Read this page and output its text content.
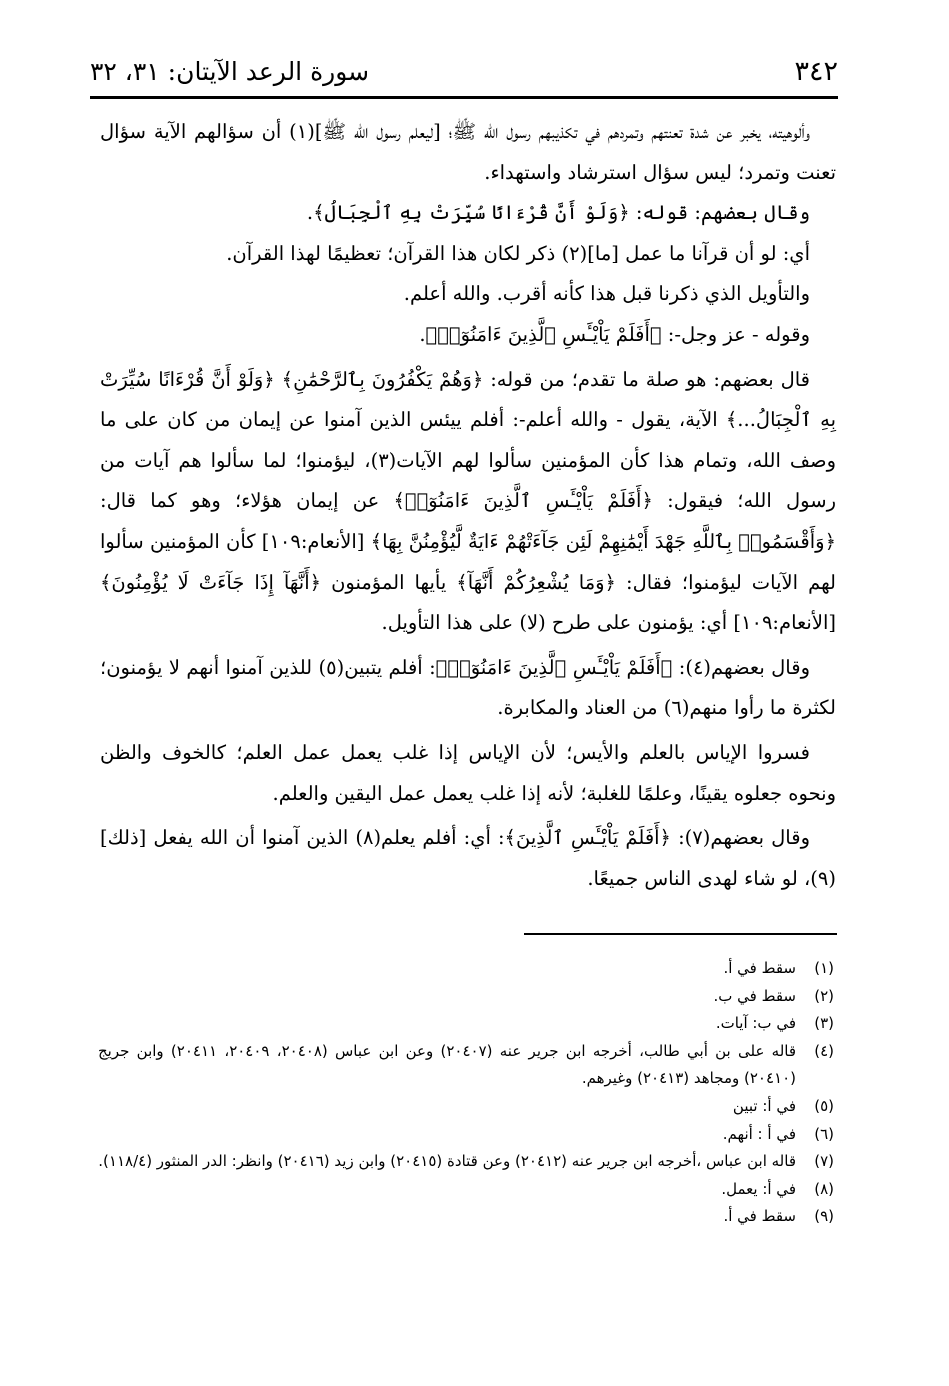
٣٤٢
سورة الرعد الآيتان: ٣١، ٣٢

وألوهيته، يخبر عن شدة تعنتهم وتمردهم في تكذيبهم رسول الله ﷺ؛ [ليعلم رسول الله ﷺ](١) أن سؤالهم الآية سؤال تعنت وتمرد؛ ليس سؤال استرشاد واستهداء.

وقال بعضهم: قوله: ﴿وَلَوْ أَنَّ قُرْءَانًا سُيِّرَتْ بِهِ ٱلْجِبَالُ﴾.

أي: لو أن قرآنا ما عمل [ما](٢) ذكر لكان هذا القرآن؛ تعظيمًا لهذا القرآن.

والتأويل الذي ذكرنا قبل هذا كأنه أقرب. والله أعلم.

وقوله - عز وجل-: ﴿أَفَلَمْ يَاْيْـَٔسِ ٱلَّذِينَ ءَامَنُوٓا۟﴾.

قال بعضهم: هو صلة ما تقدم؛ من قوله: ﴿وَهُمْ يَكْفُرُونَ بِٱلرَّحْمَٰنِ﴾ ﴿وَلَوْ أَنَّ قُرْءَانًا سُيِّرَتْ بِهِ ٱلْجِبَالُ...﴾ الآية، يقول - والله أعلم-: أفلم ييئس الذين آمنوا عن إيمان من كان على ما وصف الله، وتمام هذا كأن المؤمنين سألوا لهم الآيات(٣)، ليؤمنوا؛ لما سألوا هم آيات من رسول الله؛ فيقول: ﴿أَفَلَمْ يَاْيْـَٔسِ ٱلَّذِينَ ءَامَنُوٓا۟﴾ عن إيمان هؤلاء؛ وهو كما قال: ﴿وَأَقْسَمُوا۟ بِٱللَّهِ جَهْدَ أَيْمَٰنِهِمْ لَئِن جَآءَتْهُمْ ءَايَةٌ لَّيُؤْمِنُنَّ بِهَا﴾ [الأنعام:١٠٩] كأن المؤمنين سألوا لهم الآيات ليؤمنوا؛ فقال: ﴿وَمَا يُشْعِرُكُمْ أَنَّهَآ﴾ يأيها المؤمنون ﴿أَنَّهَآ إِذَا جَآءَتْ لَا يُؤْمِنُونَ﴾ [الأنعام:١٠٩] أي: يؤمنون على طرح (لا) على هذا التأويل.

وقال بعضهم(٤): ﴿أَفَلَمْ يَاْيْـَٔسِ ٱلَّذِينَ ءَامَنُوٓا۟﴾: أفلم يتبين(٥) للذين آمنوا أنهم لا يؤمنون؛ لكثرة ما رأوا منهم(٦) من العناد والمكابرة.

فسروا الإياس بالعلم والأيس؛ لأن الإياس إذا غلب يعمل عمل العلم؛ كالخوف والظن ونحوه جعلوه يقينًا، وعلمًا للغلبة؛ لأنه إذا غلب يعمل عمل اليقين والعلم.

وقال بعضهم(٧): ﴿أَفَلَمْ يَاْيْـَٔسِ ٱلَّذِينَ﴾: أي: أفلم يعلم(٨) الذين آمنوا أن الله يفعل [ذلك](٩)، لو شاء لهدى الناس جميعًا.

(١)
سقط في أ.
(٢)
سقط في ب.
(٣)
في ب: آيات.
(٤)
قاله على بن أبي طالب، أخرجه ابن جرير عنه (٢٠٤٠٧) وعن ابن عباس (٢٠٤٠٨، ٢٠٤٠٩، ٢٠٤١١) وابن جريج (٢٠٤١٠) ومجاهد (٢٠٤١٣) وغيرهم.
(٥)
في أ: تبين
(٦)
في أ : أنهم.
(٧)
قاله ابن عباس ،أخرجه ابن جرير عنه (٢٠٤١٢) وعن قتادة (٢٠٤١٥) وابن زيد (٢٠٤١٦) وانظر: الدر المنثور (١١٨/٤).
(٨)
في أ: يعمل.
(٩)
سقط في أ.
